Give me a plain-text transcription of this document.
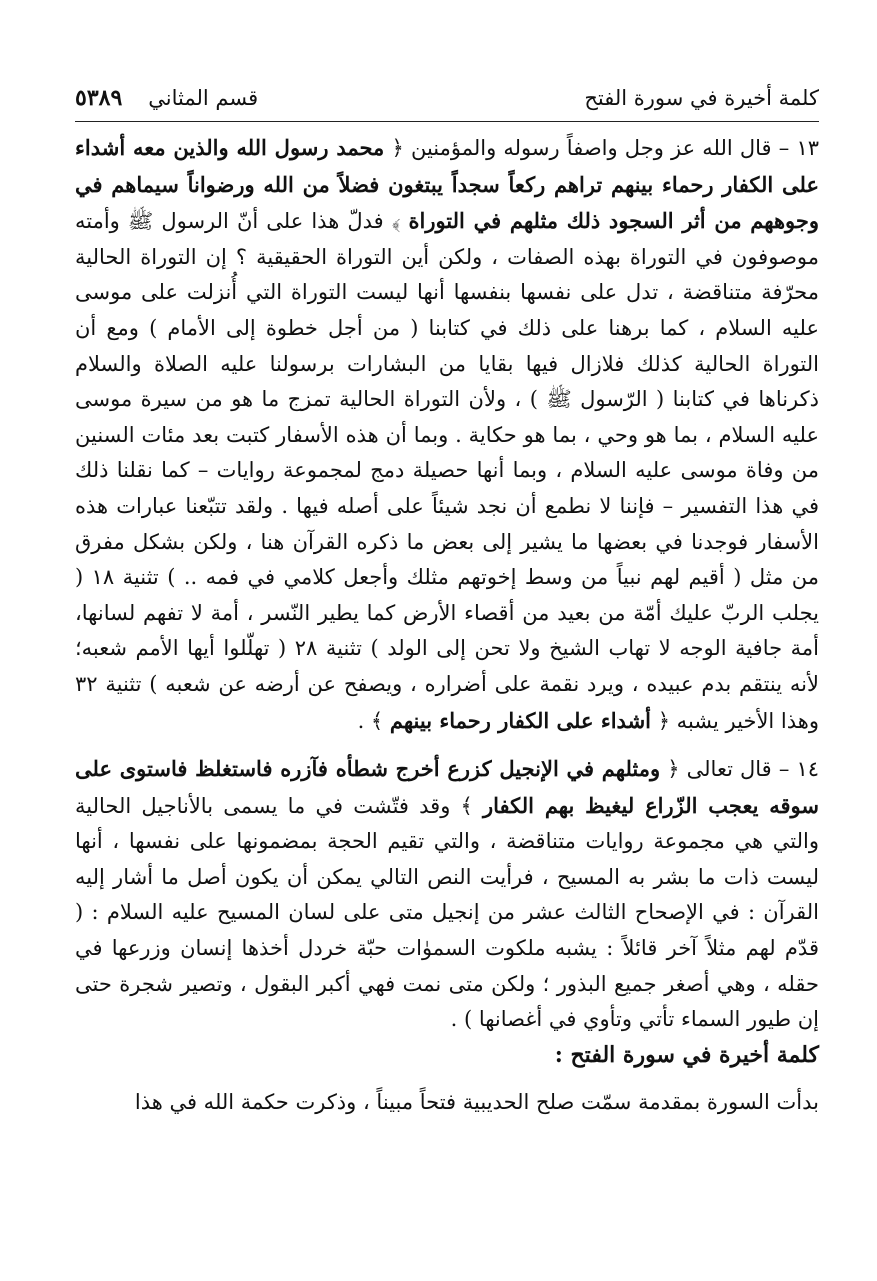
كلمة أخيرة في سورة الفتح
قسم المثاني
٥٣٨٩

١٣ – قال الله عز وجل واصفاً رسوله والمؤمنين ﴿ محمد رسول الله والذين معه أشداء على الكفار رحماء بينهم تراهم ركعاً سجداً يبتغون فضلاً من الله ورضواناً سيماهم في وجوههم من أثر السجود ذلك مثلهم في التوراة ﴾ فدلّ هذا على أنّ الرسول ﷺ وأمته موصوفون في التوراة بهذه الصفات ، ولكن أين التوراة الحقيقية ؟ إن التوراة الحالية محرّفة متناقضة ، تدل على نفسها بنفسها أنها ليست التوراة التي أُنزلت على موسى عليه السلام ، كما برهنا على ذلك في كتابنا ( من أجل خطوة إلى الأمام ) ومع أن التوراة الحالية كذلك فلازال فيها بقايا من البشارات برسولنا عليه الصلاة والسلام ذكرناها في كتابنا ( الرّسول ﷺ ) ، ولأن التوراة الحالية تمزج ما هو من سيرة موسى عليه السلام ، بما هو وحي ، بما هو حكاية . وبما أن هذه الأسفار كتبت بعد مئات السنين من وفاة موسى عليه السلام ، وبما أنها حصيلة دمج لمجموعة روايات – كما نقلنا ذلك في هذا التفسير – فإننا لا نطمع أن نجد شيئاً على أصله فيها . ولقد تتبّعنا عبارات هذه الأسفار فوجدنا في بعضها ما يشير إلى بعض ما ذكره القرآن هنا ، ولكن بشكل مفرق من مثل ( أقيم لهم نبياً من وسط إخوتهم مثلك وأجعل كلامي في فمه .. ) تثنية ١٨ ( يجلب الربّ عليك أمّة من بعيد من أقصاء الأرض كما يطير النّسر ، أمة لا تفهم لسانها، أمة جافية الوجه لا تهاب الشيخ ولا تحن إلى الولد ) تثنية ٢٨ ( تهلّلوا أيها الأمم شعبه؛ لأنه ينتقم بدم عبيده ، ويرد نقمة على أضراره ، ويصفح عن أرضه عن شعبه ) تثنية ٣٢ وهذا الأخير يشبه ﴿ أشداء على الكفار رحماء بينهم ﴾ .

١٤ – قال تعالى ﴿ ومثلهم في الإنجيل كزرع أخرج شطأه فآزره فاستغلظ فاستوى على سوقه يعجب الزّراع ليغيظ بهم الكفار ﴾ وقد فتّشت في ما يسمى بالأناجيل الحالية والتي هي مجموعة روايات متناقضة ، والتي تقيم الحجة بمضمونها على نفسها ، أنها ليست ذات ما بشر به المسيح ، فرأيت النص التالي يمكن أن يكون أصل ما أشار إليه القرآن : في الإصحاح الثالث عشر من إنجيل متى على لسان المسيح عليه السلام : ( قدّم لهم مثلاً آخر قائلاً : يشبه ملكوت السموٰات حبّة خردل أخذها إنسان وزرعها في حقله ، وهي أصغر جميع البذور ؛ ولكن متى نمت فهي أكبر البقول ، وتصير شجرة حتى إن طيور السماء تأتي وتأوي في أغصانها ) .

كلمة أخيرة في سورة الفتح :

بدأت السورة بمقدمة سمّت صلح الحديبية فتحاً مبيناً ، وذكرت حكمة الله في هذا
